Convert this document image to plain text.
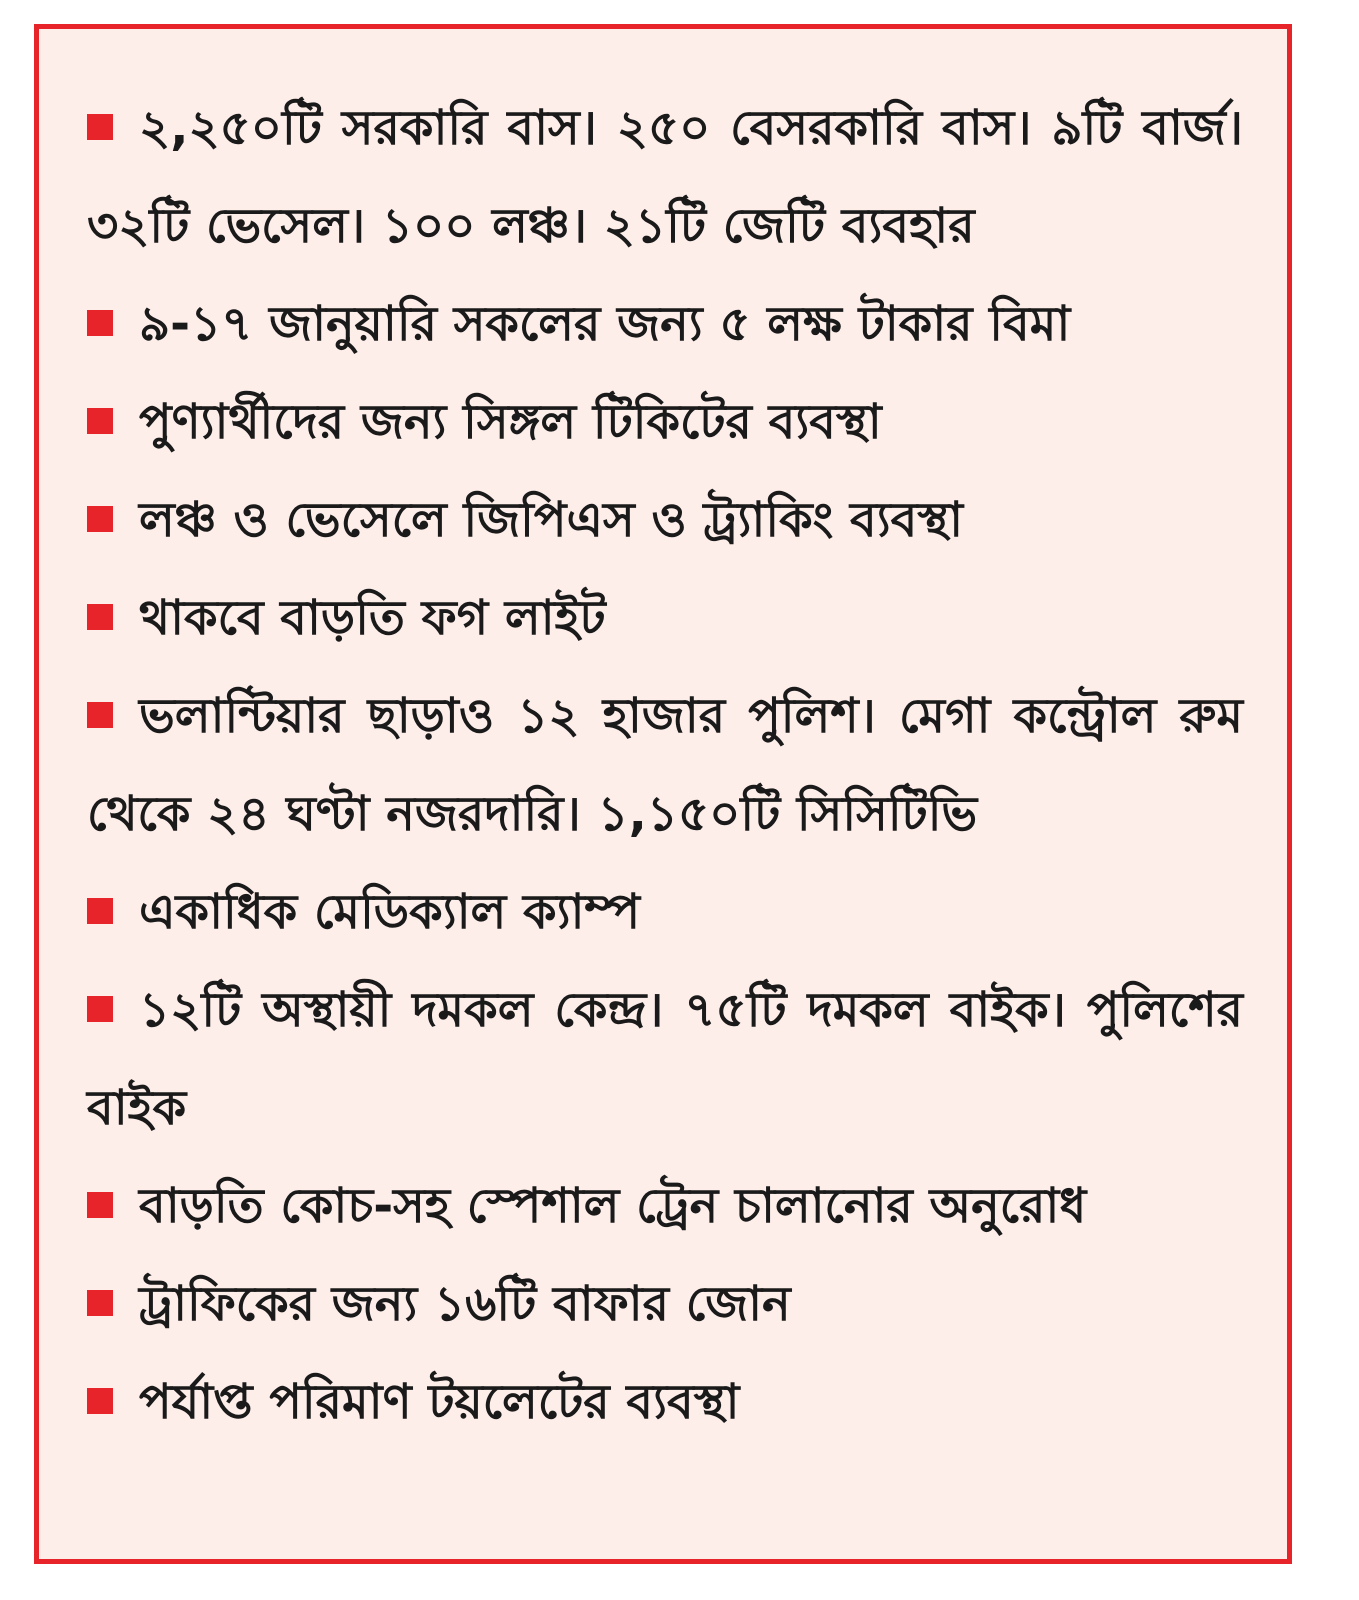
২,২৫০টি সরকারি বাস। ২৫০ বেসরকারি বাস। ৯টি বার্জ। ৩২টি ভেসেল। ১০০ লঞ্চ। ২১টি জেটি ব্যবহার
৯-১৭ জানুয়ারি সকলের জন্য ৫ লক্ষ টাকার বিমা
পুণ্যার্থীদের জন্য সিঙ্গল টিকিটের ব্যবস্থা
লঞ্চ ও ভেসেলে জিপিএস ও ট্র্যাকিং ব্যবস্থা
থাকবে বাড়তি ফগ লাইট
ভলান্টিয়ার ছাড়াও ১২ হাজার পুলিশ। মেগা কন্ট্রোল রুম থেকে ২৪ ঘণ্টা নজরদারি। ১,১৫০টি সিসিটিভি
একাধিক মেডিক্যাল ক্যাম্প
১২টি অস্থায়ী দমকল কেন্দ্র। ৭৫টি দমকল বাইক। পুলিশের বাইক
বাড়তি কোচ-সহ স্পেশাল ট্রেন চালানোর অনুরোধ
ট্রাফিকের জন্য ১৬টি বাফার জোন
পর্যাপ্ত পরিমাণ টয়লেটের ব্যবস্থা
